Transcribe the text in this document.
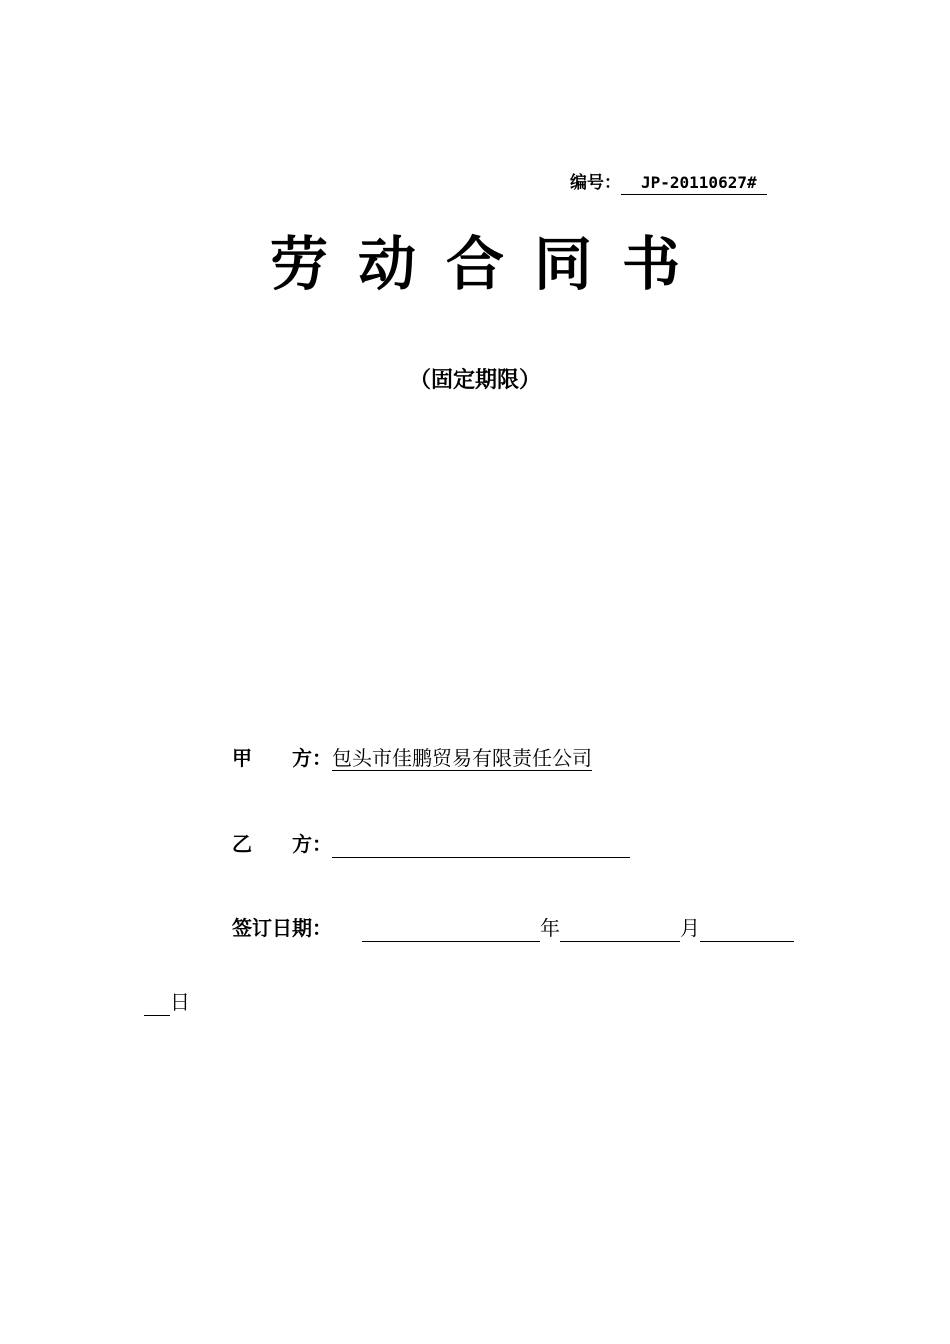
编号： JP-20110627#
劳动合同书
（固定期限）
甲　　方：包头市佳鹏贸易有限责任公司
乙　　方：
签订日期：	年	月
日
